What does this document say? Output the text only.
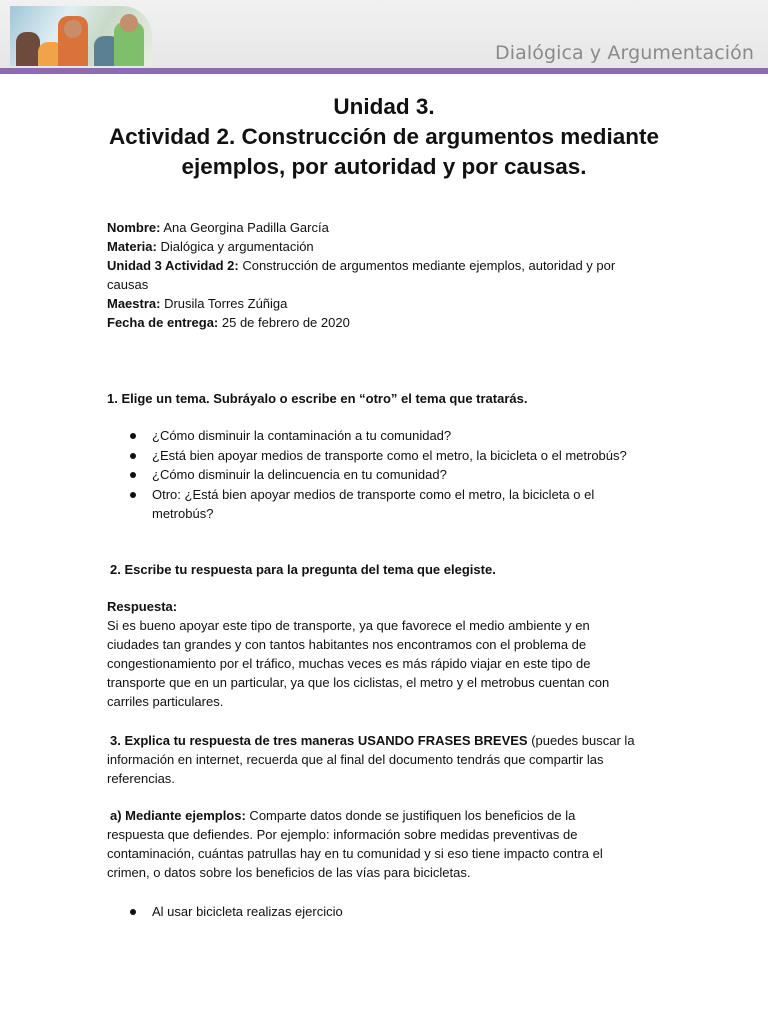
Dialógica y Argumentación
Unidad 3.
Actividad 2. Construcción de argumentos mediante
ejemplos, por autoridad y por causas.
Nombre: Ana Georgina Padilla García
Materia: Dialógica y argumentación
Unidad 3 Actividad 2: Construcción de argumentos mediante ejemplos, autoridad y por
causas
Maestra: Drusila Torres Zúñiga
Fecha de entrega: 25 de febrero de 2020
1. Elige un tema. Subráyalo o escribe en “otro” el tema que tratarás.
¿Cómo disminuir la contaminación a tu comunidad?
¿Está bien apoyar medios de transporte como el metro, la bicicleta o el metrobús?
¿Cómo disminuir la delincuencia en tu comunidad?
Otro: ¿Está bien apoyar medios de transporte como el metro, la bicicleta o el
metrobús?
2. Escribe tu respuesta para la pregunta del tema que elegiste.
Respuesta:
Si es bueno apoyar este tipo de transporte, ya que favorece el medio ambiente y en
ciudades tan grandes y con tantos habitantes nos encontramos con el problema de
congestionamiento por el tráfico, muchas veces es más rápido viajar en este tipo de
transporte que en un particular, ya que los ciclistas, el metro y el metrobus cuentan con
carriles particulares.
3. Explica tu respuesta de tres maneras USANDO FRASES BREVES (puedes buscar la
información en internet, recuerda que al final del documento tendrás que compartir las
referencias.
a) Mediante ejemplos: Comparte datos donde se justifiquen los beneficios de la
respuesta que defiendes. Por ejemplo: información sobre medidas preventivas de
contaminación, cuántas patrullas hay en tu comunidad y si eso tiene impacto contra el
crimen, o datos sobre los beneficios de las vías para bicicletas.
Al usar bicicleta realizas ejercicio
